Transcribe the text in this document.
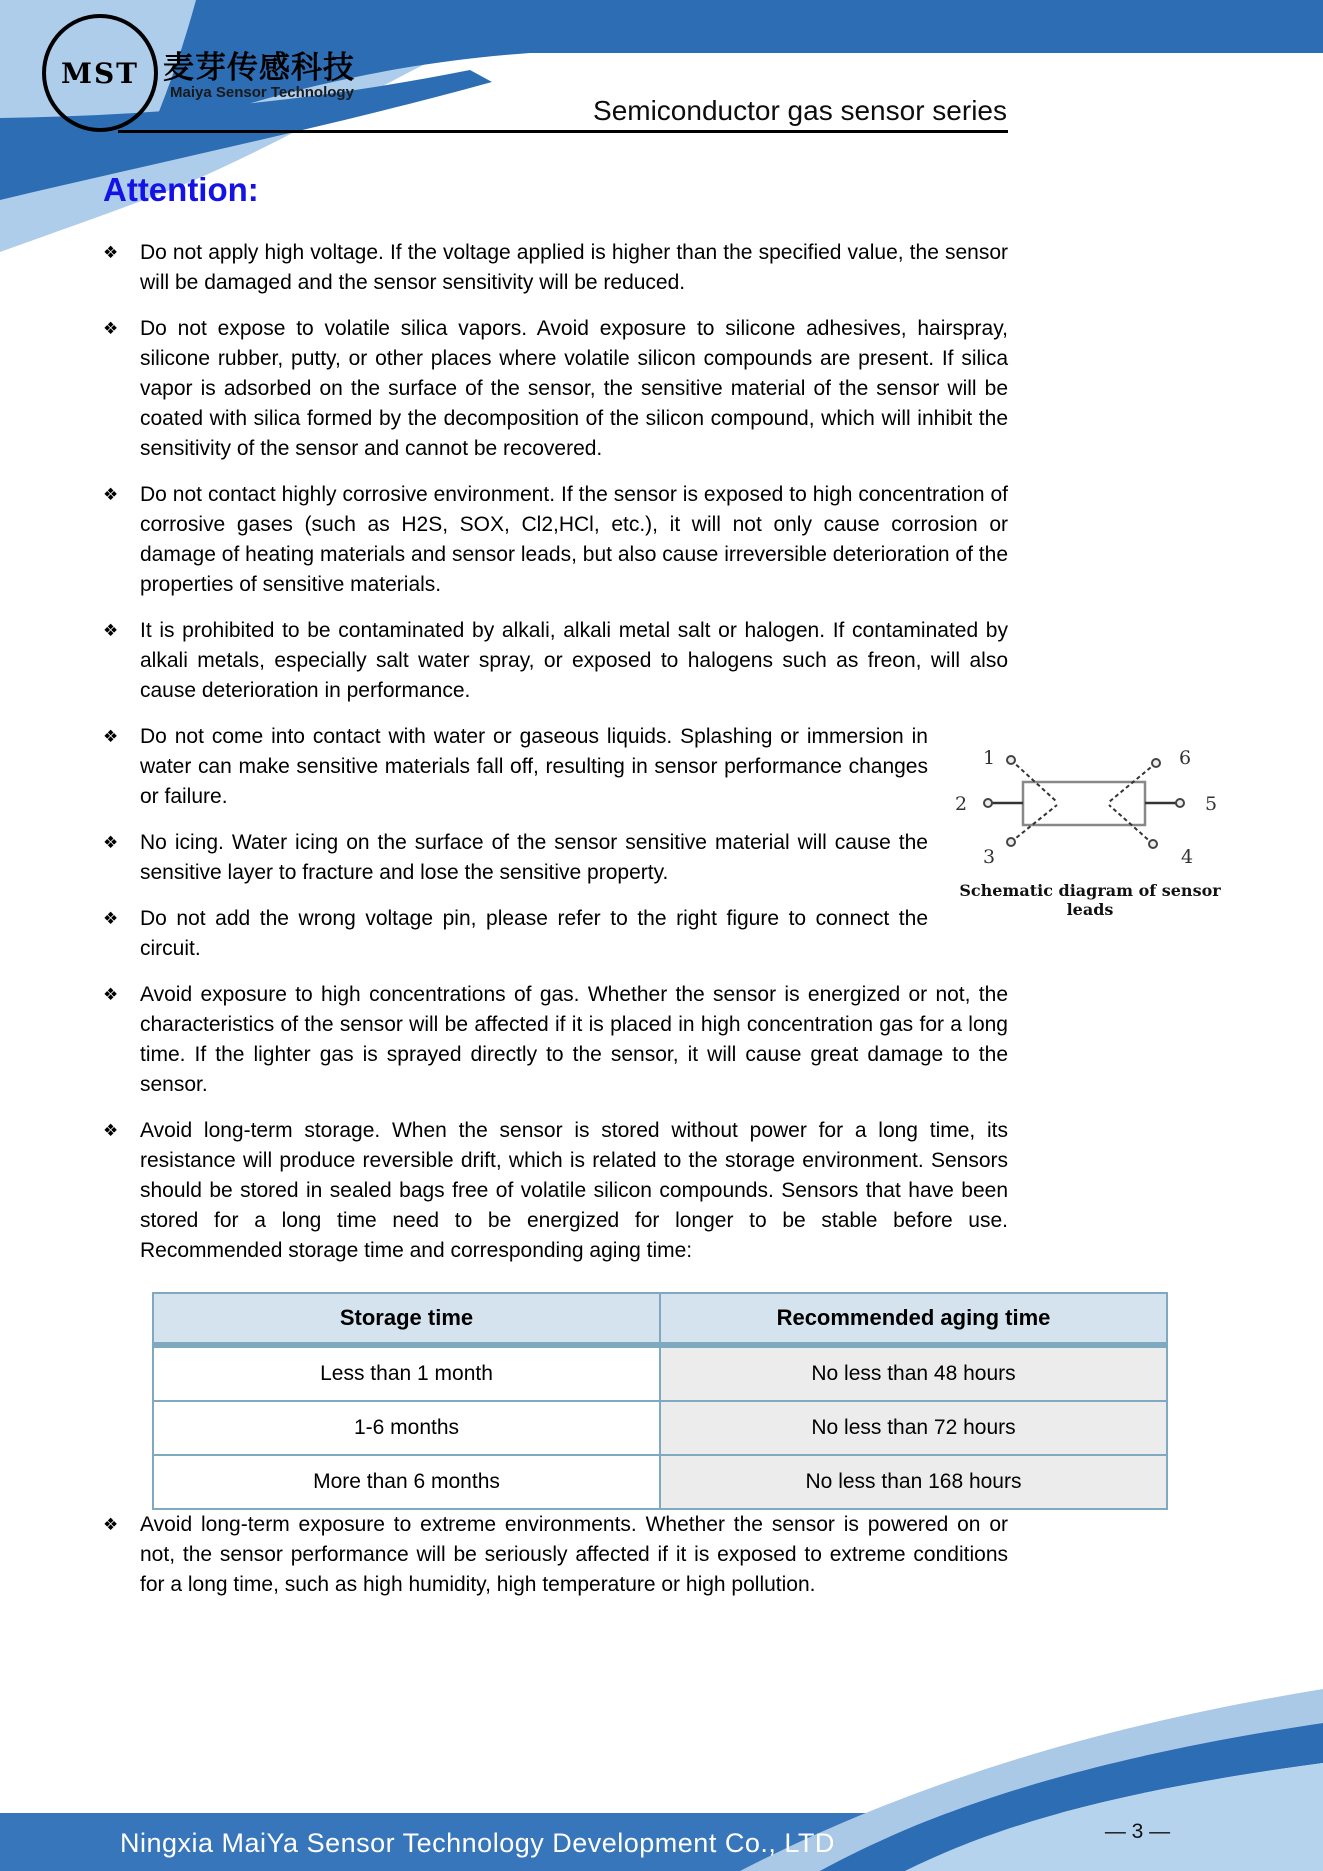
MST 麦芽传感科技
Maiya Sensor Technology
Semiconductor gas sensor series
Attention:
❖ Do not apply high voltage. If the voltage applied is higher than the specified value, the sensor will be damaged and the sensor sensitivity will be reduced.
❖ Do not expose to volatile silica vapors. Avoid exposure to silicone adhesives, hairspray, silicone rubber, putty, or other places where volatile silicon compounds are present. If silica vapor is adsorbed on the surface of the sensor, the sensitive material of the sensor will be coated with silica formed by the decomposition of the silicon compound, which will inhibit the sensitivity of the sensor and cannot be recovered.
❖ Do not contact highly corrosive environment. If the sensor is exposed to high concentration of corrosive gases (such as H2S, SOX, Cl2,HCl, etc.), it will not only cause corrosion or damage of heating materials and sensor leads, but also cause irreversible deterioration of the properties of sensitive materials.
❖ It is prohibited to be contaminated by alkali, alkali metal salt or halogen. If contaminated by alkali metals, especially salt water spray, or exposed to halogens such as freon, will also cause deterioration in performance.
❖ Do not come into contact with water or gaseous liquids. Splashing or immersion in water can make sensitive materials fall off, resulting in sensor performance changes or failure.
❖ No icing. Water icing on the surface of the sensor sensitive material will cause the sensitive layer to fracture and lose the sensitive property.
❖ Do not add the wrong voltage pin, please refer to the right figure to connect the circuit.
❖ Avoid exposure to high concentrations of gas. Whether the sensor is energized or not, the characteristics of the sensor will be affected if it is placed in high concentration gas for a long time. If the lighter gas is sprayed directly to the sensor, it will cause great damage to the sensor.
❖ Avoid long-term storage. When the sensor is stored without power for a long time, its resistance will produce reversible drift, which is related to the storage environment. Sensors should be stored in sealed bags free of volatile silicon compounds. Sensors that have been stored for a long time need to be energized for longer to be stable before use. Recommended storage time and corresponding aging time:
Storage time	Recommended aging time
Less than 1 month	No less than 48 hours
1-6 months	No less than 72 hours
More than 6 months	No less than 168 hours
❖ Avoid long-term exposure to extreme environments. Whether the sensor is powered on or not, the sensor performance will be seriously affected if it is exposed to extreme conditions for a long time, such as high humidity, high temperature or high pollution.
1
2
3	4
5
6
Schematic diagram of sensor leads
Ningxia MaiYa Sensor Technology Development Co., LTD	— 3 —
